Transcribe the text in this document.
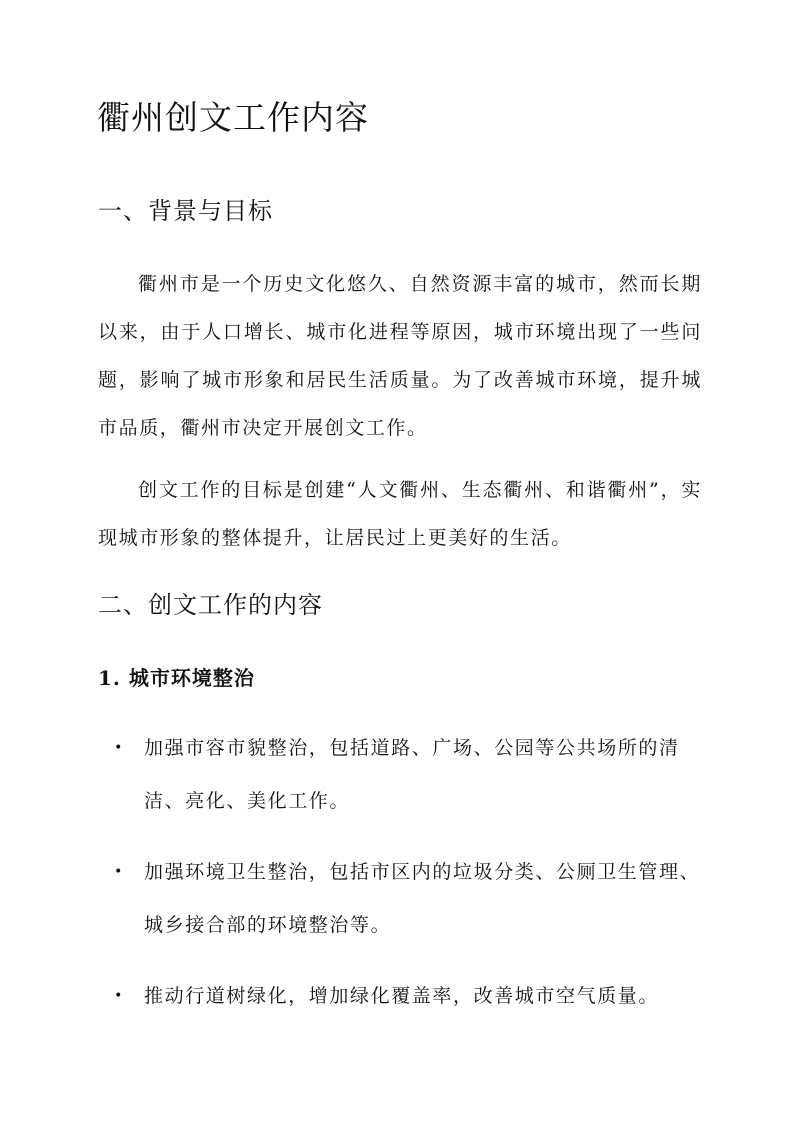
衢州创文工作内容
一、背景与目标

衢州市是一个历史文化悠久、自然资源丰富的城市，然而长期以来，由于人口增长、城市化进程等原因，城市环境出现了一些问题，影响了城市形象和居民生活质量。为了改善城市环境，提升城市品质，衢州市决定开展创文工作。

创文工作的目标是创建“人文衢州、生态衢州、和谐衢州”，实现城市形象的整体提升，让居民过上更美好的生活。

二、创文工作的内容
1. 城市环境整治
• 加强市容市貌整治，包括道路、广场、公园等公共场所的清洁、亮化、美化工作。
• 加强环境卫生整治，包括市区内的垃圾分类、公厕卫生管理、城乡接合部的环境整治等。
• 推动行道树绿化，增加绿化覆盖率，改善城市空气质量。
